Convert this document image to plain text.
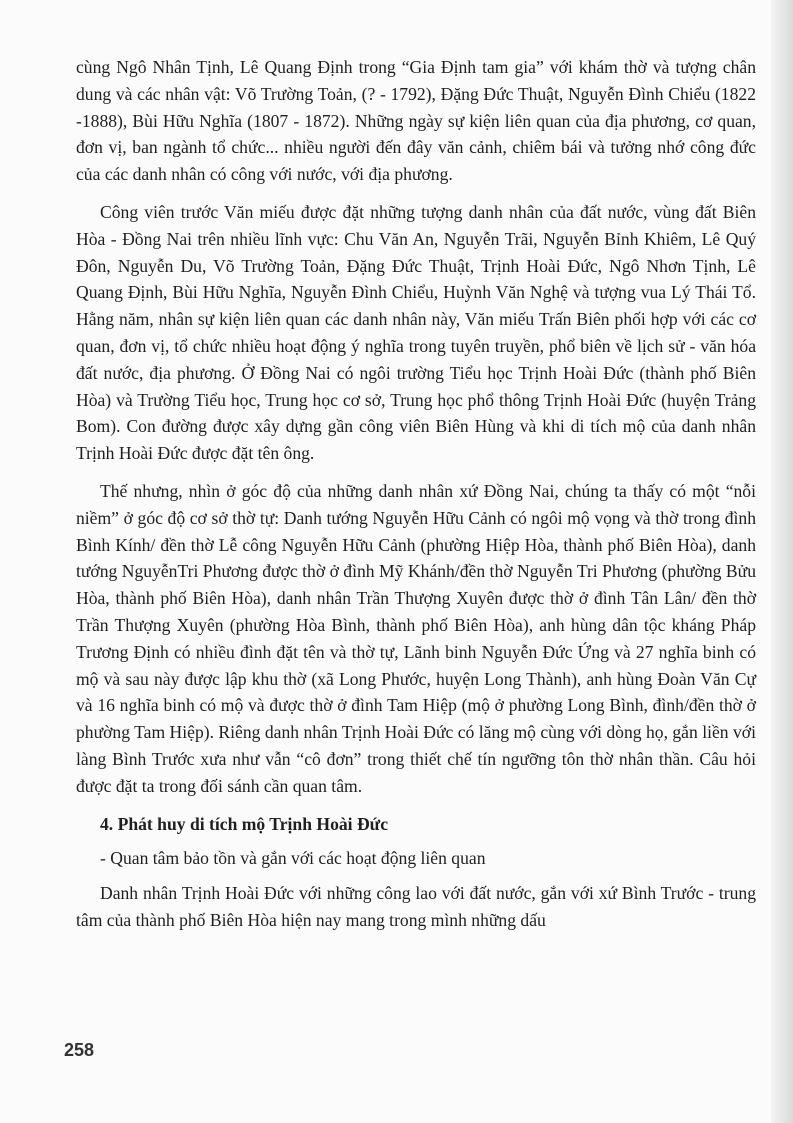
cùng Ngô Nhân Tịnh, Lê Quang Định trong “Gia Định tam gia” với khám thờ và tượng chân dung và các nhân vật: Võ Trường Toản, (? - 1792), Đặng Đức Thuật, Nguyễn Đình Chiểu (1822 -1888), Bùi Hữu Nghĩa (1807 - 1872). Những ngày sự kiện liên quan của địa phương, cơ quan, đơn vị, ban ngành tổ chức... nhiều người đến đây văn cảnh, chiêm bái và tưởng nhớ công đức của các danh nhân có công với nước, với địa phương.

Công viên trước Văn miếu được đặt những tượng danh nhân của đất nước, vùng đất Biên Hòa - Đồng Nai trên nhiều lĩnh vực: Chu Văn An, Nguyễn Trãi, Nguyễn Bỉnh Khiêm, Lê Quý Đôn, Nguyễn Du, Võ Trường Toản, Đặng Đức Thuật, Trịnh Hoài Đức, Ngô Nhơn Tịnh, Lê Quang Định, Bùi Hữu Nghĩa, Nguyễn Đình Chiểu, Huỳnh Văn Nghệ và tượng vua Lý Thái Tổ. Hằng năm, nhân sự kiện liên quan các danh nhân này, Văn miếu Trấn Biên phối hợp với các cơ quan, đơn vị, tổ chức nhiều hoạt động ý nghĩa trong tuyên truyền, phổ biên về lịch sử - văn hóa đất nước, địa phương. Ở Đồng Nai có ngôi trường Tiểu học Trịnh Hoài Đức (thành phố Biên Hòa) và Trường Tiểu học, Trung học cơ sở, Trung học phổ thông Trịnh Hoài Đức (huyện Trảng Bom). Con đường được xây dựng gần công viên Biên Hùng và khi di tích mộ của danh nhân Trịnh Hoài Đức được đặt tên ông.

Thế nhưng, nhìn ở góc độ của những danh nhân xứ Đồng Nai, chúng ta thấy có một “nỗi niềm” ở góc độ cơ sở thờ tự: Danh tướng Nguyễn Hữu Cảnh có ngôi mộ vọng và thờ trong đình Bình Kính/ đền thờ Lễ công Nguyễn Hữu Cảnh (phường Hiệp Hòa, thành phố Biên Hòa), danh tướng NguyễnTri Phương được thờ ở đình Mỹ Khánh/đền thờ Nguyễn Tri Phương (phường Bửu Hòa, thành phố Biên Hòa), danh nhân Trần Thượng Xuyên được thờ ở đình Tân Lân/ đền thờ Trần Thượng Xuyên (phường Hòa Bình, thành phố Biên Hòa), anh hùng dân tộc kháng Pháp Trương Định có nhiều đình đặt tên và thờ tự, Lãnh binh Nguyễn Đức Ứng và 27 nghĩa binh có mộ và sau này được lập khu thờ (xã Long Phước, huyện Long Thành), anh hùng Đoàn Văn Cự và 16 nghĩa binh có mộ và được thờ ở đình Tam Hiệp (mộ ở phường Long Bình, đình/đền thờ ở phường Tam Hiệp). Riêng danh nhân Trịnh Hoài Đức có lăng mộ cùng với dòng họ, gắn liền với làng Bình Trước xưa như vẫn “cô đơn” trong thiết chế tín ngưỡng tôn thờ nhân thần. Câu hỏi được đặt ta trong đối sánh cần quan tâm.

4. Phát huy di tích mộ Trịnh Hoài Đức

- Quan tâm bảo tồn và gắn với các hoạt động liên quan

Danh nhân Trịnh Hoài Đức với những công lao với đất nước, gắn với xứ Bình Trước - trung tâm của thành phố Biên Hòa hiện nay mang trong mình những dấu

258
